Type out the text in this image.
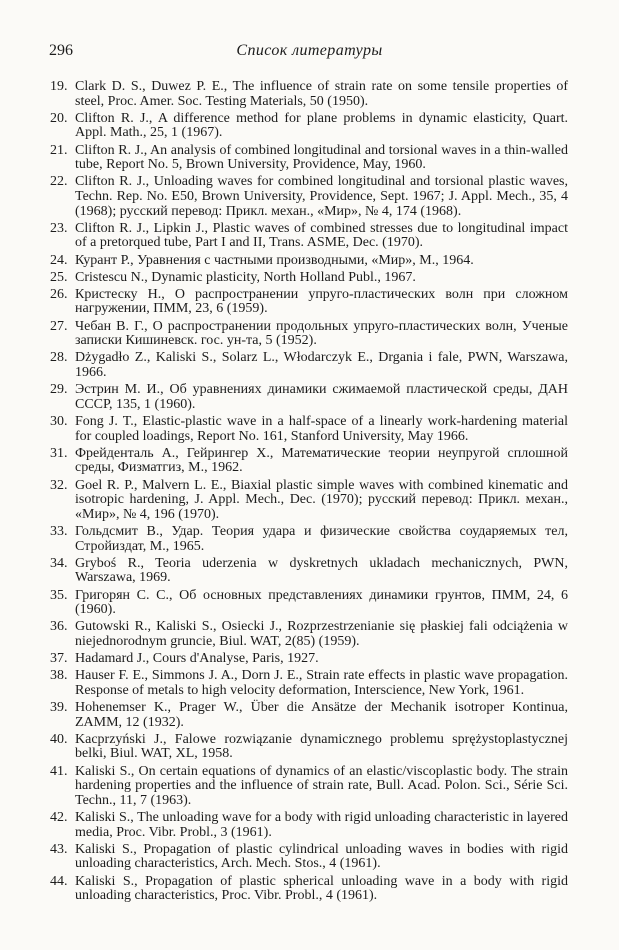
296	Список литературы
19. Clark D. S., Duwez P. E., The influence of strain rate on some tensile properties of steel, Proc. Amer. Soc. Testing Materials, 50 (1950).
20. Clifton R. J., A difference method for plane problems in dynamic elasticity, Quart. Appl. Math., 25, 1 (1967).
21. Clifton R. J., An analysis of combined longitudinal and torsional waves in a thin-walled tube, Report No. 5, Brown University, Providence, May, 1960.
22. Clifton R. J., Unloading waves for combined longitudinal and torsional plastic waves, Techn. Rep. No. E50, Brown University, Providence, Sept. 1967; J. Appl. Mech., 35, 4 (1968); русский перевод: Прикл. механ., «Мир», № 4, 174 (1968).
23. Clifton R. J., Lipkin J., Plastic waves of combined stresses due to longitudinal impact of a pretorqued tube, Part I and II, Trans. ASME, Dec. (1970).
24. Курант Р., Уравнения с частными производными, «Мир», М., 1964.
25. Cristescu N., Dynamic plasticity, North Holland Publ., 1967.
26. Кристеску Н., О распространении упруго-пластических волн при сложном нагружении, ПММ, 23, 6 (1959).
27. Чебан В. Г., О распространении продольных упруго-пластических волн, Ученые записки Кишиневск. гос. ун-та, 5 (1952).
28. Dżygadło Z., Kaliski S., Solarz L., Włodarczyk E., Drgania i fale, PWN, Warszawa, 1966.
29. Эстрин М. И., Об уравнениях динамики сжимаемой пластической среды, ДАН СССР, 135, 1 (1960).
30. Fong J. T., Elastic-plastic wave in a half-space of a linearly work-hardening material for coupled loadings, Report No. 161, Stanford University, May 1966.
31. Фрейденталь А., Гейрингер Х., Математические теории неупругой сплошной среды, Физматгиз, М., 1962.
32. Goel R. P., Malvern L. E., Biaxial plastic simple waves with combined kinematic and isotropic hardening, J. Appl. Mech., Dec. (1970); русский перевод: Прикл. механ., «Мир», № 4, 196 (1970).
33. Гольдсмит В., Удар. Теория удара и физические свойства соударяемых тел, Стройиздат, М., 1965.
34. Gryboś R., Teoria uderzenia w dyskretnych ukladach mechanicznych, PWN, Warszawa, 1969.
35. Григорян С. С., Об основных представлениях динамики грунтов, ПММ, 24, 6 (1960).
36. Gutowski R., Kaliski S., Osiecki J., Rozprzestrzenianie się płaskiej fali odciążenia w niejednorodnym gruncie, Biul. WAT, 2(85) (1959).
37. Hadamard J., Cours d'Analyse, Paris, 1927.
38. Hauser F. E., Simmons J. A., Dorn J. E., Strain rate effects in plastic wave propagation. Response of metals to high velocity deformation, Interscience, New York, 1961.
39. Hohenemser K., Prager W., Über die Ansätze der Mechanik isotroper Kontinua, ZAMM, 12 (1932).
40. Kacprzyński J., Falowe rozwiązanie dynamicznego problemu sprężystoplastycznej belki, Biul. WAT, XL, 1958.
41. Kaliski S., On certain equations of dynamics of an elastic/viscoplastic body. The strain hardening properties and the influence of strain rate, Bull. Acad. Polon. Sci., Série Sci. Techn., 11, 7 (1963).
42. Kaliski S., The unloading wave for a body with rigid unloading characteristic in layered media, Proc. Vibr. Probl., 3 (1961).
43. Kaliski S., Propagation of plastic cylindrical unloading waves in bodies with rigid unloading characteristics, Arch. Mech. Stos., 4 (1961).
44. Kaliski S., Propagation of plastic spherical unloading wave in a body with rigid unloading characteristics, Proc. Vibr. Probl., 4 (1961).
